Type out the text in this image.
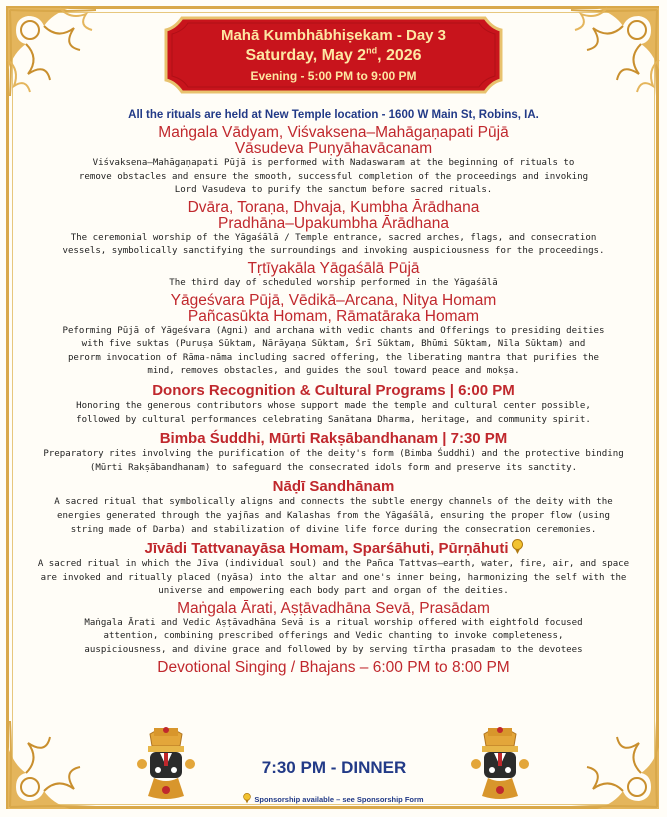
Mahā Kumbhābhiṣekam - Day 3
Saturday, May 2nd, 2026
Evening - 5:00 PM to 9:00 PM

All the rituals are held at New Temple location - 1600 W Main St, Robins, IA.

Maṅgala Vādyam, Viśvaksena–Mahāgaṇapati Pūjā
Vāsudeva Puṇyāhavācanam

Viśvaksena–Mahāgaṇapati Pūjā is performed with Nadaswaram at the beginning of rituals to
remove obstacles and ensure the smooth, successful completion of the proceedings and invoking
Lord Vasudeva to purify the sanctum before sacred rituals.

Dvāra, Toraṇa, Dhvaja, Kumbha Ārādhana
Pradhāna–Upakumbha Ārādhana

The ceremonial worship of the Yāgaśālā / Temple entrance, sacred arches, flags, and consecration
vessels, symbolically sanctifying the surroundings and invoking auspiciousness for the proceedings.

Tṛtīyakāla Yāgaśālā Pūjā

The third day of scheduled worship performed in the Yāgaśālā

Yāgeśvara Pūjā, Vēdikā–Arcana, Nitya Homam
Pañcasūkta Homam, Rāmatāraka Homam

Peforming Pūjā of Yāgeśvara (Agni) and archana with vedic chants and Offerings to presiding deities
with five suktas (Puruṣa Sūktam, Nārāyaṇa Sūktam, Śrī Sūktam, Bhūmi Sūktam, Nīla Sūktam) and
perorm invocation of Rāma-nāma including sacred offering, the liberating mantra that purifies the
mind, removes obstacles, and guides the soul toward peace and mokṣa.

Donors Recognition & Cultural Programs | 6:00 PM

Honoring the generous contributors whose support made the temple and cultural center possible,
followed by cultural performances celebrating Sanātana Dharma, heritage, and community spirit.

Bimba Śuddhi, Mūrti Rakṣābandhanam | 7:30 PM

Preparatory rites involving the purification of the deity's form (Bimba Śuddhi) and the protective binding
(Mūrti Rakṣābandhanam) to safeguard the consecrated idols form and preserve its sanctity.

Nāḍī Sandhānam

A sacred ritual that symbolically aligns and connects the subtle energy channels of the deity with the
energies generated through the yajñas and Kalashas from the Yāgaśālā, ensuring the proper flow (using
string made of Darba) and stabilization of divine life force during the consecration ceremonies.

Jīvādi Tattvanayāsa Homam, Sparśāhuti, Pūrṇāhuti

A sacred ritual in which the Jīva (individual soul) and the Pañca Tattvas—earth, water, fire, air, and space
are invoked and ritually placed (nyāsa) into the altar and one's inner being, harmonizing the self with the
universe and empowering each body part and organ of the deities.

Maṅgala Ārati, Aṣṭāvadhāna Sevā, Prasādam

Maṅgala Ārati and Vedic Aṣṭāvadhāna Sevā is a ritual worship offered with eightfold focused
attention, combining prescribed offerings and Vedic chanting to invoke completeness,
auspiciousness, and divine grace and followed by by serving tīrtha prasadam to the devotees

Devotional Singing / Bhajans – 6:00 PM to 8:00 PM

7:30 PM - DINNER
Sponsorship available – see Sponsorship Form
